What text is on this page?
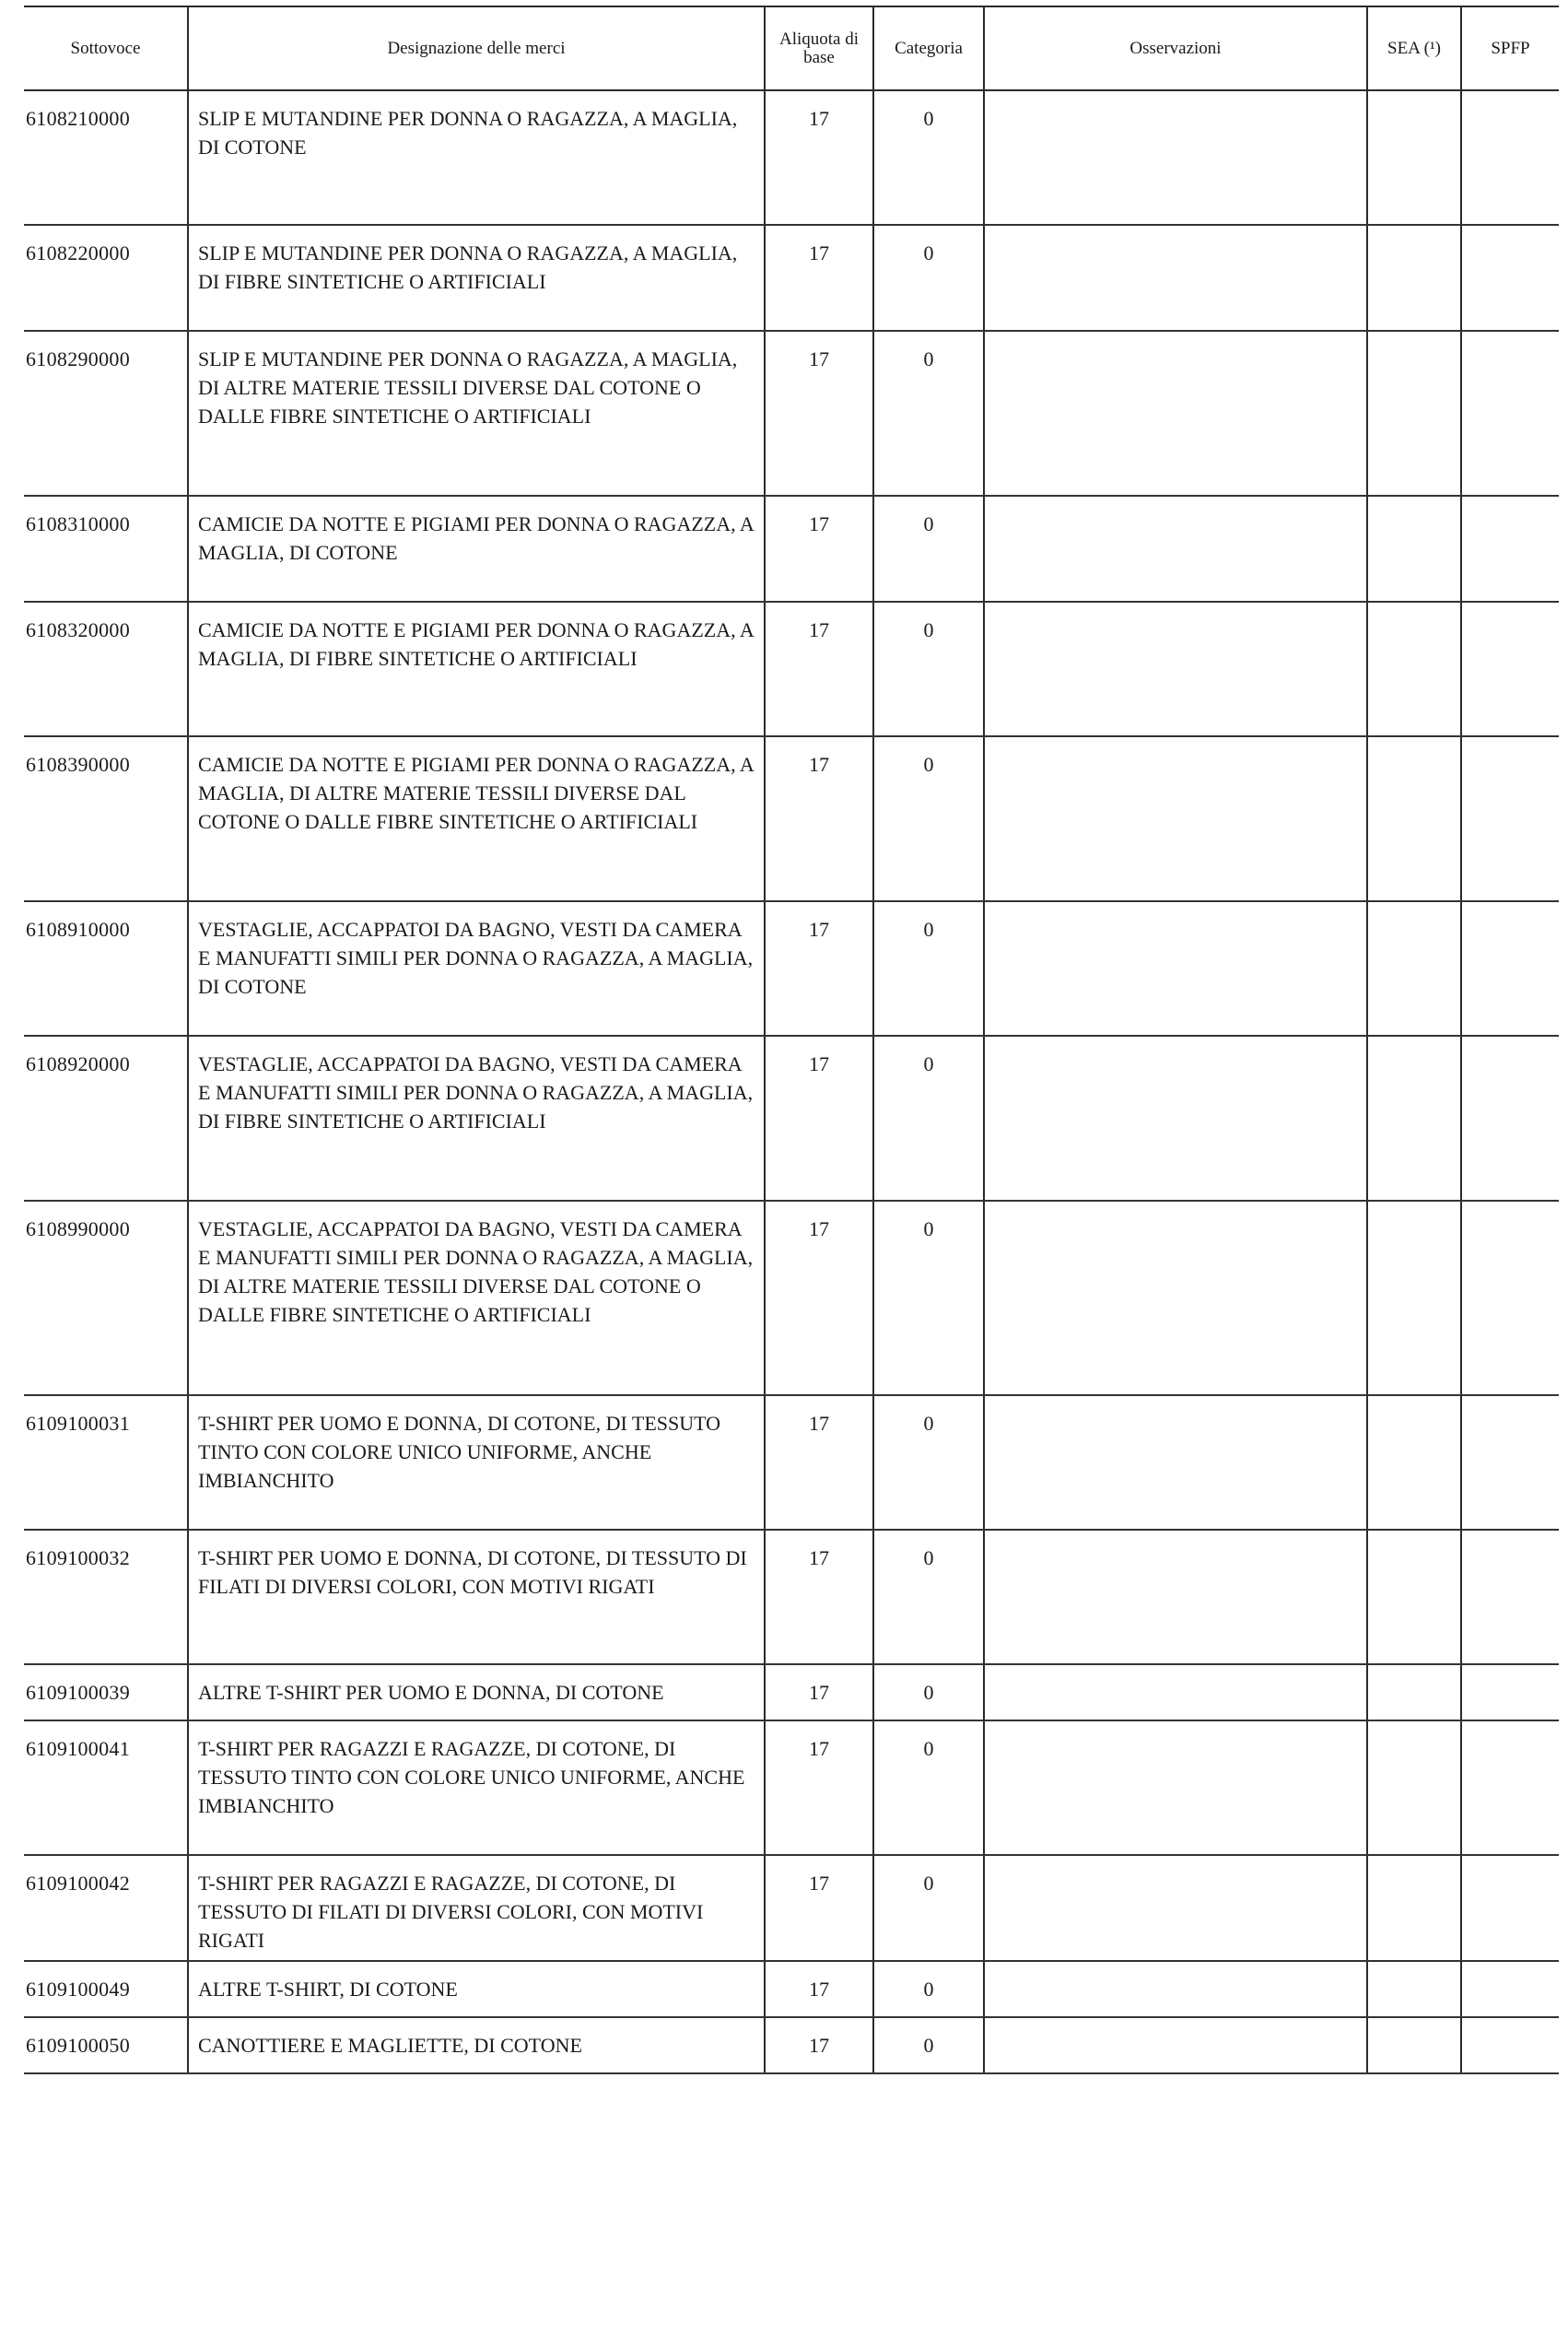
Sottovoce	Designazione delle merci	Aliquota di base	Categoria	Osservazioni	SEA (¹)	SPFP
6108210000	SLIP E MUTANDINE PER DONNA O RAGAZZA, A MAGLIA, DI COTONE	17	0			
6108220000	SLIP E MUTANDINE PER DONNA O RAGAZZA, A MAGLIA, DI FIBRE SINTETICHE O ARTIFICIALI	17	0			
6108290000	SLIP E MUTANDINE PER DONNA O RAGAZZA, A MAGLIA, DI ALTRE MATERIE TESSILI DIVERSE DAL COTONE O DALLE FIBRE SINTETICHE O ARTIFICIALI	17	0			
6108310000	CAMICIE DA NOTTE E PIGIAMI PER DONNA O RAGAZZA, A MAGLIA, DI COTONE	17	0			
6108320000	CAMICIE DA NOTTE E PIGIAMI PER DONNA O RAGAZZA, A MAGLIA, DI FIBRE SINTETICHE O ARTIFICIALI	17	0			
6108390000	CAMICIE DA NOTTE E PIGIAMI PER DONNA O RAGAZZA, A MAGLIA, DI ALTRE MATERIE TESSILI DIVERSE DAL COTONE O DALLE FIBRE SINTETICHE O ARTIFICIALI	17	0			
6108910000	VESTAGLIE, ACCAPPATOI DA BAGNO, VESTI DA CAMERA E MANUFATTI SIMILI PER DONNA O RAGAZZA, A MAGLIA, DI COTONE	17	0			
6108920000	VESTAGLIE, ACCAPPATOI DA BAGNO, VESTI DA CAMERA E MANUFATTI SIMILI PER DONNA O RAGAZZA, A MAGLIA, DI FIBRE SINTETICHE O ARTIFICIALI	17	0			
6108990000	VESTAGLIE, ACCAPPATOI DA BAGNO, VESTI DA CAMERA E MANUFATTI SIMILI PER DONNA O RAGAZZA, A MAGLIA, DI ALTRE MATERIE TESSILI DIVERSE DAL COTONE O DALLE FIBRE SINTETICHE O ARTIFICIALI	17	0			
6109100031	T-SHIRT PER UOMO E DONNA, DI COTONE, DI TESSUTO TINTO CON COLORE UNICO UNIFORME, ANCHE IMBIANCHITO	17	0			
6109100032	T-SHIRT PER UOMO E DONNA, DI COTONE, DI TESSUTO DI FILATI DI DIVERSI COLORI, CON MOTIVI RIGATI	17	0			
6109100039	ALTRE T-SHIRT PER UOMO E DONNA, DI COTONE	17	0			
6109100041	T-SHIRT PER RAGAZZI E RAGAZZE, DI COTONE, DI TESSUTO TINTO CON COLORE UNICO UNIFORME, ANCHE IMBIANCHITO	17	0			
6109100042	T-SHIRT PER RAGAZZI E RAGAZZE, DI COTONE, DI TESSUTO DI FILATI DI DIVERSI COLORI, CON MOTIVI RIGATI	17	0			
6109100049	ALTRE T-SHIRT, DI COTONE	17	0			
6109100050	CANOTTIERE E MAGLIETTE, DI COTONE	17	0			
